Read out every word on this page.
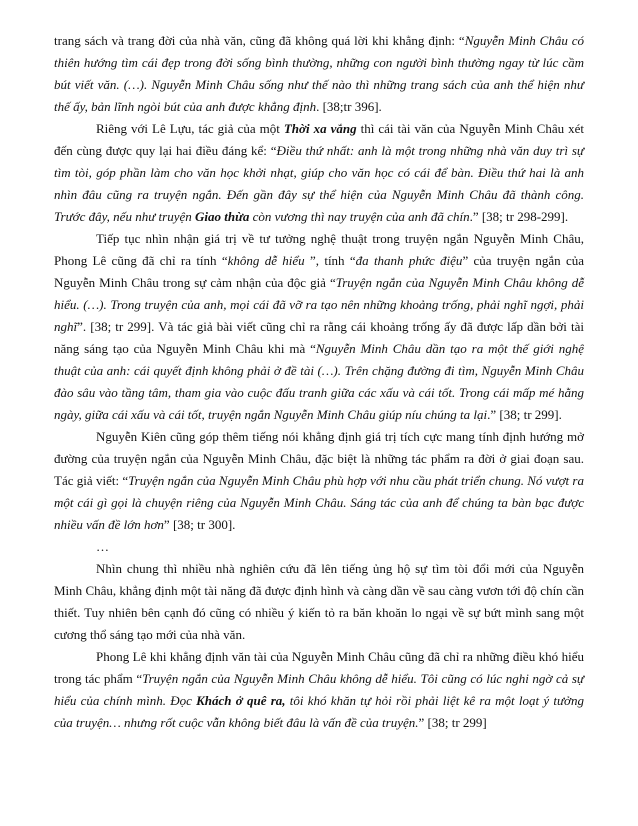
trang sách và trang đời của nhà văn, cũng đã không quá lời khi khẳng định: “Nguyễn Minh Châu có thiên hướng tìm cái đẹp trong đời sống bình thường, những con người bình thường ngay từ lúc cầm bút viết văn. (…). Nguyễn Minh Châu sống như thế nào thì những trang sách của anh thể hiện như thế ấy, bản lĩnh ngòi bút của anh được khẳng định. [38;tr 396].

Riêng với Lê Lựu, tác giả của một Thời xa vắng thì cái tài văn của Nguyễn Minh Châu xét đến cùng được quy lại hai điều đáng kể: “Điều thứ nhất: anh là một trong những nhà văn duy trì sự tìm tòi, góp phần làm cho văn học khởi nhạt, giúp cho văn học có cái để bàn. Điều thứ hai là anh nhìn đâu cũng ra truyện ngắn. Đến gần đây sự thể hiện của Nguyễn Minh Châu đã thành công. Trước đây, nếu như truyện Giao thừa còn vương thì nay truyện của anh đã chín.” [38; tr 298-299].

Tiếp tục nhìn nhận giá trị về tư tưởng nghệ thuật trong truyện ngắn Nguyễn Minh Châu, Phong Lê cũng đã chỉ ra tính “không dễ hiểu ”, tính “đa thanh phức điệu” của truyện ngắn của Nguyễn Minh Châu trong sự cảm nhận của độc giả “Truyện ngắn của Nguyễn Minh Châu không dễ hiểu. (…). Trong truyện của anh, mọi cái đã vỡ ra tạo nên những khoảng trống, phải nghĩ ngợi, phải nghĩ”. [38; tr 299]. Và tác giả bài viết cũng chỉ ra rằng cái khoảng trống ấy đã được lấp dần bởi tài năng sáng tạo của Nguyễn Minh Châu khi mà “Nguyễn Minh Châu dần tạo ra một thế giới nghệ thuật của anh: cái quyết định không phải ở đề tài (…). Trên chặng đường đi tìm, Nguyễn Minh Châu đào sâu vào tầng tâm, tham gia vào cuộc đấu tranh giữa các xấu và cái tốt. Trong cái mấp mé hằng ngày, giữa cái xấu và cái tốt, truyện ngắn Nguyễn Minh Châu giúp níu chúng ta lại.” [38; tr 299].

Nguyễn Kiên cũng góp thêm tiếng nói khẳng định giá trị tích cực mang tính định hướng mở đường của truyện ngắn của Nguyễn Minh Châu, đặc biệt là những tác phẩm ra đời ở giai đoạn sau. Tác giả viết: “Truyện ngắn của Nguyễn Minh Châu phù hợp với nhu cầu phát triển chung. Nó vượt ra một cái gì gọi là chuyện riêng của Nguyễn Minh Châu. Sáng tác của anh để chúng ta bàn bạc được nhiều vấn đề lớn hơn” [38; tr 300].

…

Nhìn chung thì nhiều nhà nghiên cứu đã lên tiếng ủng hộ sự tìm tòi đổi mới của Nguyễn Minh Châu, khẳng định một tài năng đã được định hình và càng dần về sau càng vươn tới độ chín cần thiết. Tuy nhiên bên cạnh đó cũng có nhiều ý kiến tỏ ra băn khoăn lo ngại về sự bứt mình sang một cương thổ sáng tạo mới của nhà văn.

Phong Lê khi khẳng định văn tài của Nguyễn Minh Châu cũng đã chỉ ra những điều khó hiểu trong tác phẩm “Truyện ngắn của Nguyễn Minh Châu không dễ hiểu. Tôi cũng có lúc nghi ngờ cả sự hiểu của chính mình. Đọc Khách ở quê ra, tôi khó khăn tự hỏi rồi phải liệt kê ra một loạt ý tưởng của truyện… nhưng rốt cuộc vẫn không biết đâu là vấn đề của truyện.” [38; tr 299]
